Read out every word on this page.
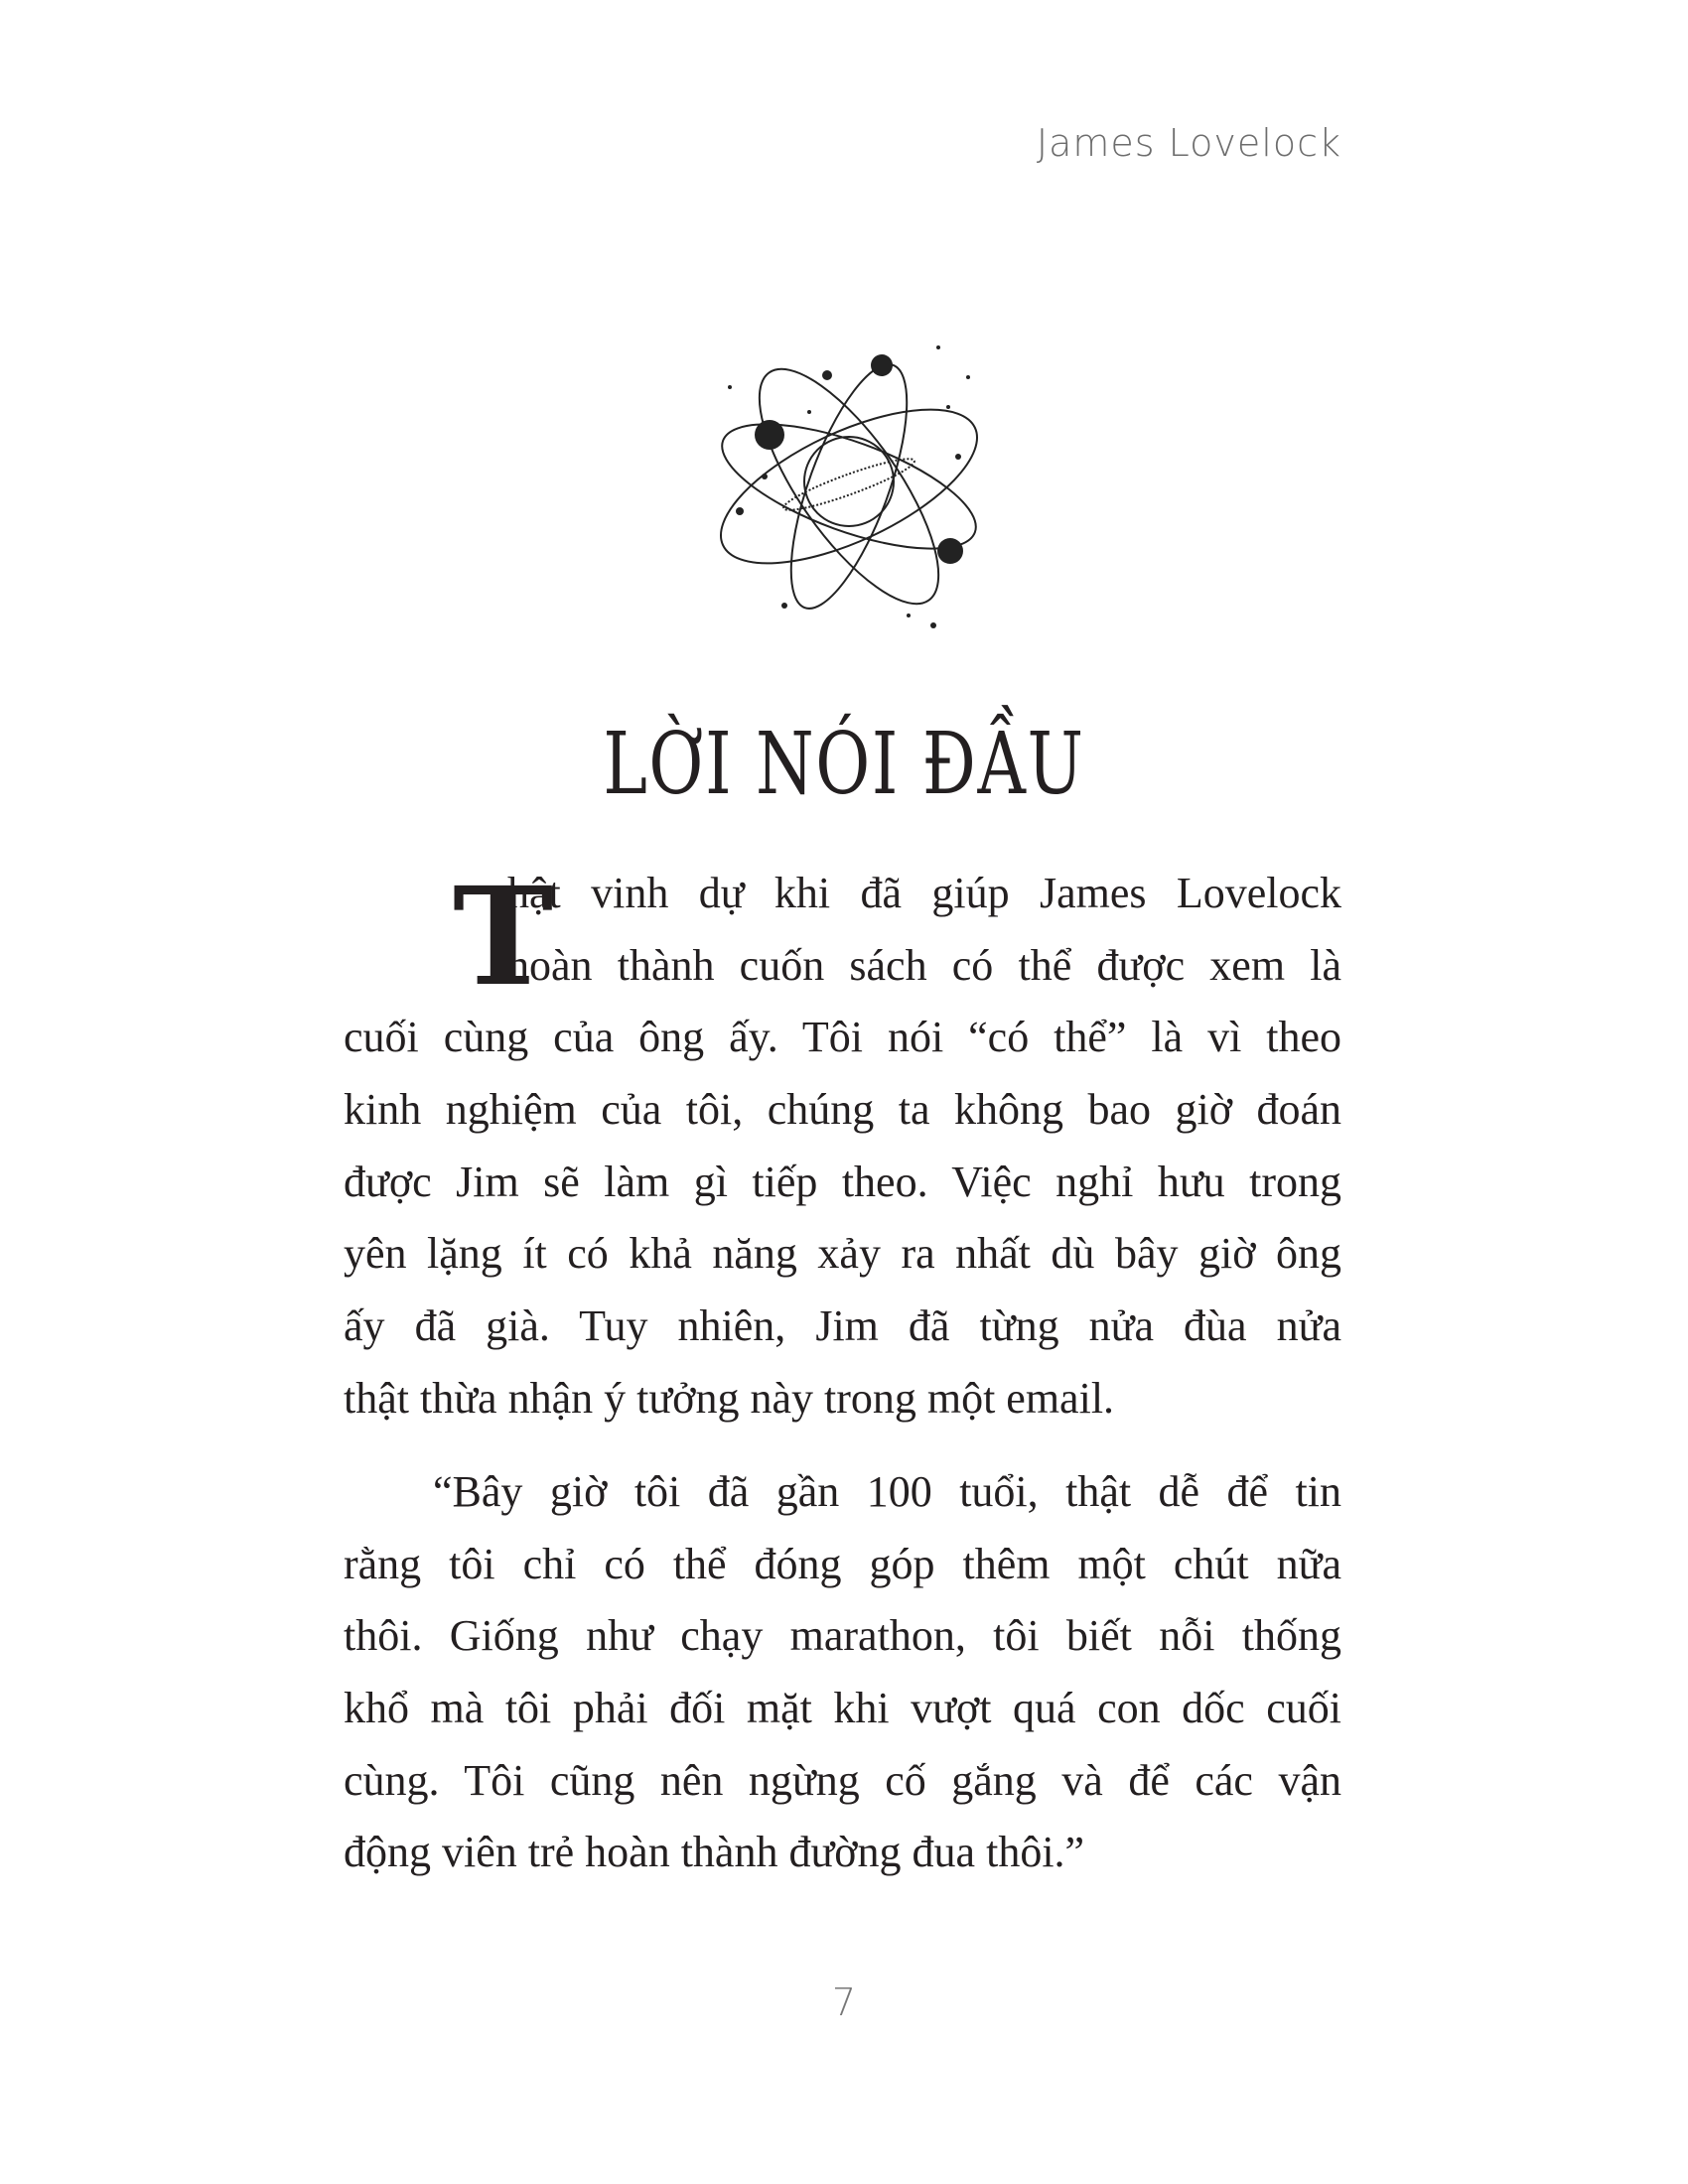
James Lovelock
LỜI NÓI ĐẦU
T
hật vinh dự khi đã giúp James Lovelock
hoàn thành cuốn sách có thể được xem là
cuối cùng của ông ấy. Tôi nói “có thể” là vì theo
kinh nghiệm của tôi, chúng ta không bao giờ đoán
được Jim sẽ làm gì tiếp theo. Việc nghỉ hưu trong
yên lặng ít có khả năng xảy ra nhất dù bây giờ ông
ấy đã già. Tuy nhiên, Jim đã từng nửa đùa nửa
thật thừa nhận ý tưởng này trong một email.
“Bây giờ tôi đã gần 100 tuổi, thật dễ để tin
rằng tôi chỉ có thể đóng góp thêm một chút nữa
thôi. Giống như chạy marathon, tôi biết nỗi thống
khổ mà tôi phải đối mặt khi vượt quá con dốc cuối
cùng. Tôi cũng nên ngừng cố gắng và để các vận
động viên trẻ hoàn thành đường đua thôi.”
7
